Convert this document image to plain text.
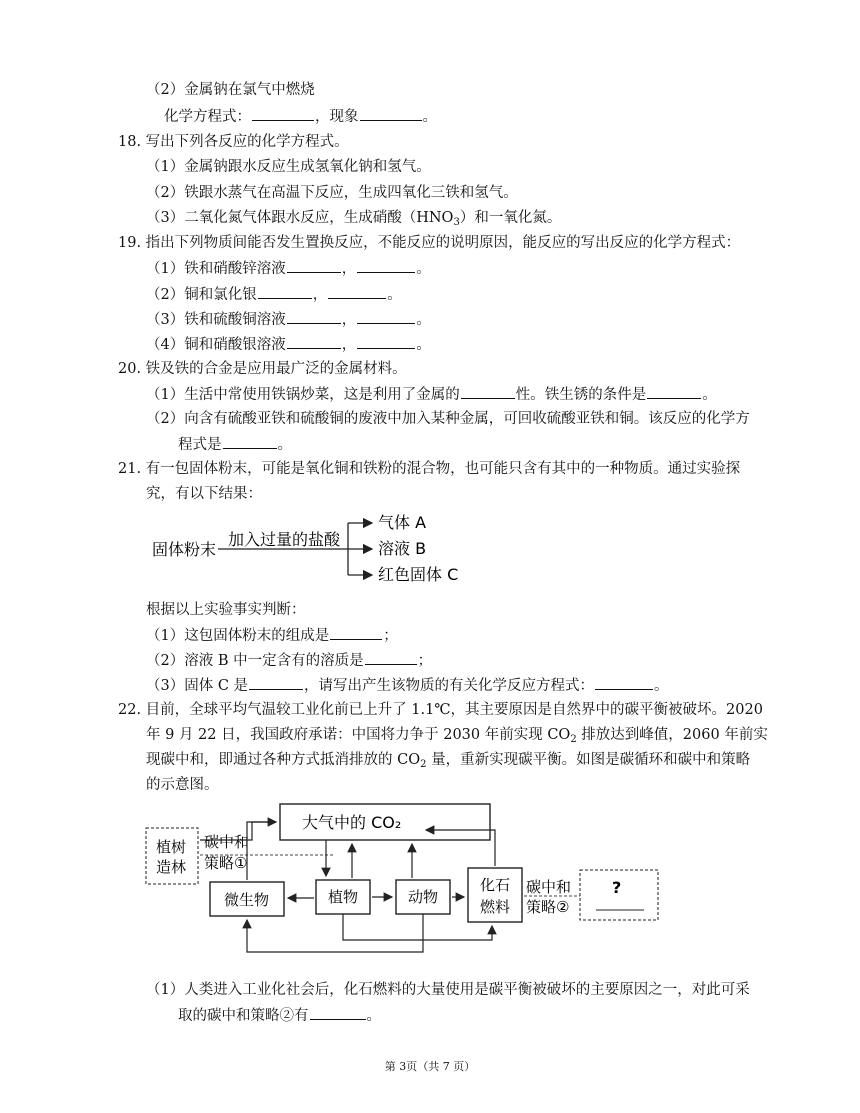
（2）金属钠在氯气中燃烧
化学方程式：	，现象	。
18. 写出下列各反应的化学方程式。
（1）金属钠跟水反应生成氢氧化钠和氢气。
（2）铁跟水蒸气在高温下反应，生成四氧化三铁和氢气。
（3）二氧化氮气体跟水反应，生成硝酸$(HNO_3)$和一氧化氮。
19. 指出下列物质间能否发生置换反应，不能反应的说明原因，能反应的写出反应的化学方程式：
（1）铁和硝酸锌溶液	，	。
（2）铜和氯化银	，	。
（3）铁和硫酸铜溶液	，	。
（4）铜和硝酸银溶液	，	。
20. 铁及铁的合金是应用最广泛的金属材料。
（1）生活中常使用铁锅炒菜，这是利用了金属的	性。铁生锈的条件是	。
（2）向含有硫酸亚铁和硫酸铜的废液中加入某种金属，可回收硫酸亚铁和铜。该反应的化学方
程式是	。
21. 有一包固体粉末，可能是氧化铜和铁粉的混合物，也可能只含有其中的一种物质。通过实验探
究，有以下结果：
固体粉末
加入过量的盐酸
气体 A
溶液 B
红色固体 C
根据以上实验事实判断：
（1）这包固体粉末的组成是	；
（2）溶液 B 中一定含有的溶质是	；
（3）固体 C 是	，请写出产生该物质的有关化学反应方程式：	。
22. 目前，全球平均气温较工业化前已上升了 1.1℃，其主要原因是自然界中的碳平衡被破坏。2020
年 9 月 22 日，我国政府承诺：中国将力争于 2030 年前实现 $CO_2$ 排放达到峰值，2060 年前实
现碳中和，即通过各种方式抵消排放的 $CO_2$ 量，重新实现碳平衡。如图是碳循环和碳中和策略
的示意图。
大气中的 CO₂
植树
造林
碳中和
策略①
微生物	植物	动物
化石
燃料
碳中和
策略②
?
（1）人类进入工业化社会后，化石燃料的大量使用是碳平衡被破坏的主要原因之一，对此可采
取的碳中和策略②有	。
第 3页（共 7 页）
